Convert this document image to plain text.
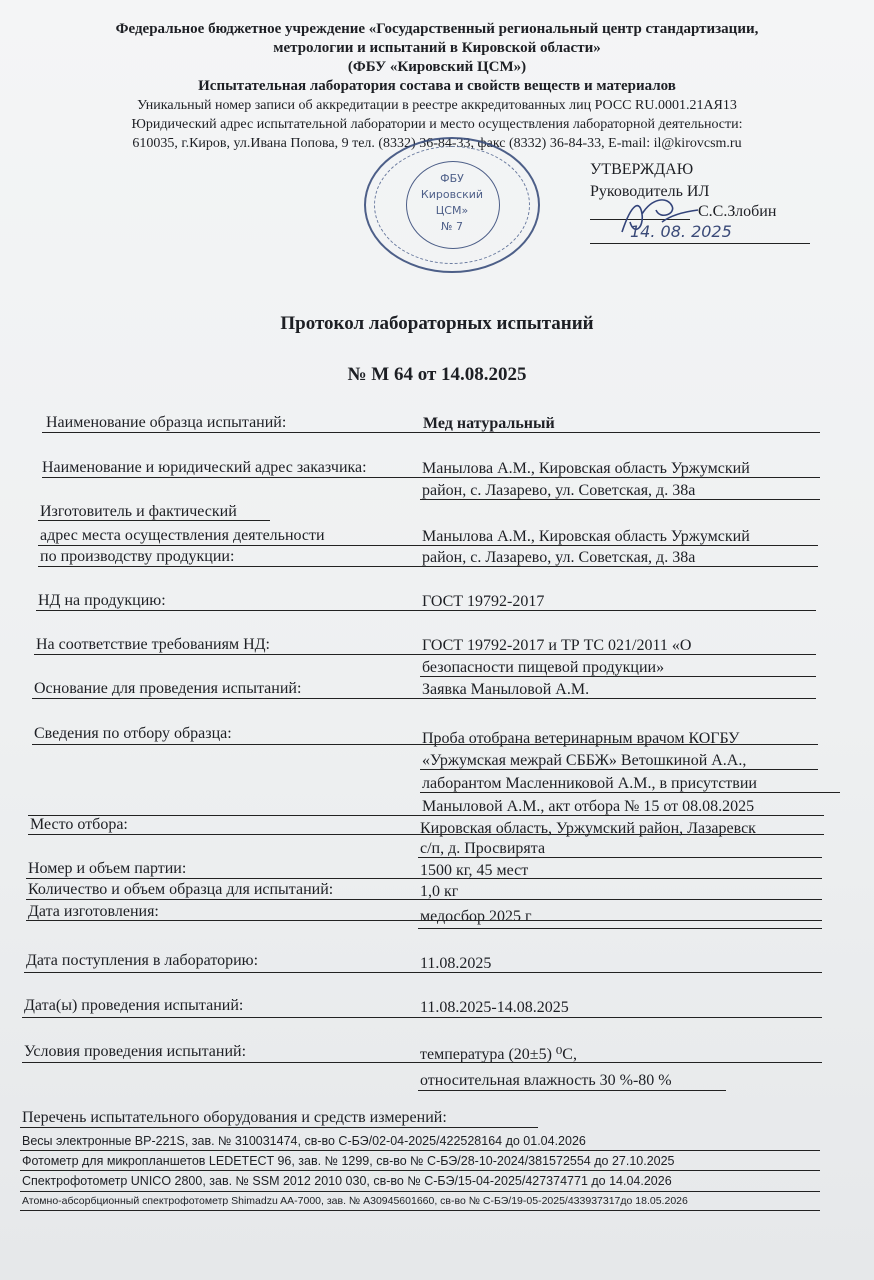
Федеральное бюджетное учреждение «Государственный региональный центр стандартизации,
метрологии и испытаний в Кировской области»
(ФБУ «Кировский ЦСМ»)
Испытательная лаборатория состава и свойств веществ и материалов
Уникальный номер записи об аккредитации в реестре аккредитованных лиц РОСС RU.0001.21АЯ13
Юридический адрес испытательной лаборатории и место осуществления лабораторной деятельности:
610035, г.Киров, ул.Ивана Попова, 9 тел. (8332) 36-84-33, факс (8332) 36-84-33, E-mail: il@kirovcsm.ru
ФБУ
Кировский
ЦСМ»
№ 7
УТВЕРЖДАЮ
Руководитель ИЛ
С.С.Злобин
14. 08. 2025
Протокол лабораторных испытаний
№ М 64 от 14.08.2025
Наименование образца испытаний:	Мед натуральный
Наименование и юридический адрес заказчика:	Манылова А.М., Кировская область Уржумский
район, с. Лазарево, ул. Советская, д. 38а
Изготовитель и фактический
адрес места осуществления деятельности	Манылова А.М., Кировская область Уржумский
по производству продукции:	район, с. Лазарево, ул. Советская, д. 38а
НД на продукцию:	ГОСТ 19792-2017
На соответствие требованиям НД:	ГОСТ 19792-2017 и ТР ТС 021/2011 «О
безопасности пищевой продукции»
Основание для проведения испытаний:	Заявка Маныловой А.М.
Сведения по отбору образца:	Проба отобрана ветеринарным врачом КОГБУ
«Уржумская межрай СББЖ» Ветошкиной А.А.,
лаборантом Масленниковой А.М., в присутствии
Маныловой А.М., акт отбора № 15 от 08.08.2025
Место отбора:	Кировская область, Уржумский район, Лазаревск
с/п, д. Просвирята
Номер и объем партии:	1500 кг, 45 мест
Количество и объем образца для испытаний:	1,0 кг
Дата изготовления:	медосбор 2025 г
Дата поступления в лабораторию:	11.08.2025
Дата(ы) проведения испытаний:	11.08.2025-14.08.2025
Условия проведения испытаний:	температура (20±5) ⁰С,
относительная влажность 30 %-80 %
Перечень испытательного оборудования и средств измерений:
Весы электронные ВР-221S, зав. № 310031474, св-во С-БЭ/02-04-2025/422528164 до 01.04.2026
Фотометр для микропланшетов LEDETECT 96, зав. № 1299, св-во № С-БЭ/28-10-2024/381572554 до 27.10.2025
Спектрофотометр UNICO 2800, зав. № SSM 2012 2010 030, св-во № С-БЭ/15-04-2025/427374771 до 14.04.2026
Атомно-абсорбционный спектрофотометр Shimadzu AA-7000, зав. № А30945601660, св-во № С-БЭ/19-05-2025/433937317до 18.05.2026
